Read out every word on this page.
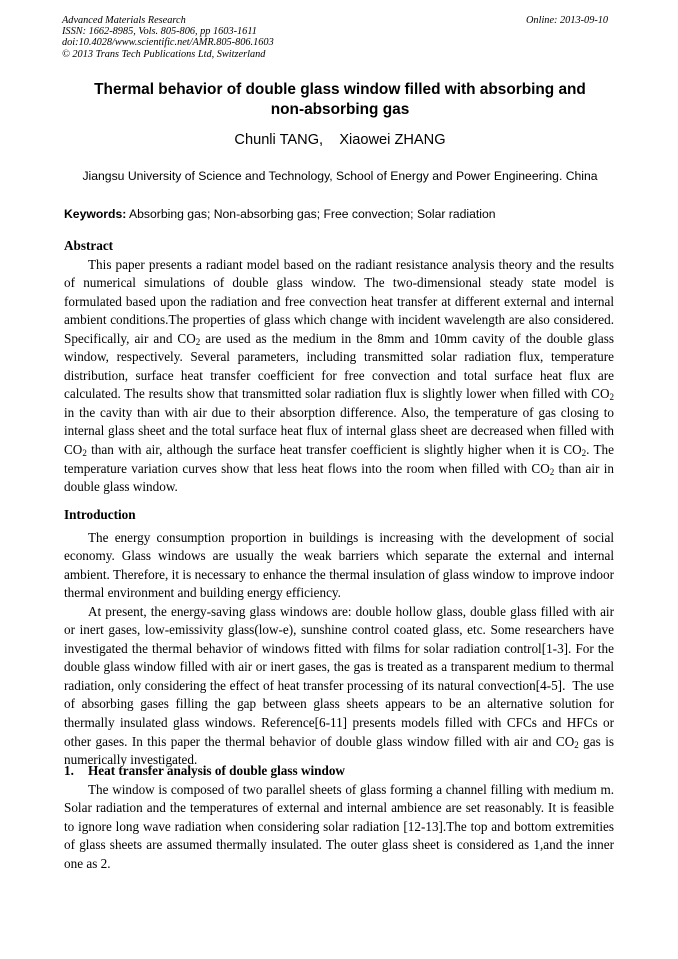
Advanced Materials Research
ISSN: 1662-8985, Vols. 805-806, pp 1603-1611
doi:10.4028/www.scientific.net/AMR.805-806.1603
© 2013 Trans Tech Publications Ltd, Switzerland
Online: 2013-09-10
Thermal behavior of double glass window filled with absorbing and
non-absorbing gas
Chunli TANG,    Xiaowei ZHANG
Jiangsu University of Science and Technology, School of Energy and Power Engineering. China
Keywords: Absorbing gas; Non-absorbing gas; Free convection; Solar radiation
Abstract

This paper presents a radiant model based on the radiant resistance analysis theory and the results of numerical simulations of double glass window. The two-dimensional steady state model is formulated based upon the radiation and free convection heat transfer at different external and internal ambient conditions.The properties of glass which change with incident wavelength are also considered. Specifically, air and $CO_2$ are used as the medium in the 8mm and 10mm cavity of the double glass window, respectively. Several parameters, including transmitted solar radiation flux, temperature distribution, surface heat transfer coefficient for free convection and total surface heat flux are calculated. The results show that transmitted solar radiation flux is slightly lower when filled with $CO_2$ in the cavity than with air due to their absorption difference. Also, the temperature of gas closing to internal glass sheet and the total surface heat flux of internal glass sheet are decreased when filled with $CO_2$ than with air, although the surface heat transfer coefficient is slightly higher when it is $CO_2$. The temperature variation curves show that less heat flows into the room when filled with $CO_2$ than air in double glass window.

Introduction

The energy consumption proportion in buildings is increasing with the development of social economy. Glass windows are usually the weak barriers which separate the external and internal ambient. Therefore, it is necessary to enhance the thermal insulation of glass window to improve indoor thermal environment and building energy efficiency.

At present, the energy-saving glass windows are: double hollow glass, double glass filled with air or inert gases, low-emissivity glass(low-e), sunshine control coated glass, etc. Some researchers have investigated the thermal behavior of windows fitted with films for solar radiation control[1-3]. For the double glass window filled with air or inert gases, the gas is treated as a transparent medium to thermal radiation, only considering the effect of heat transfer processing of its natural convection[4-5].  The use of absorbing gases filling the gap between glass sheets appears to be an alternative solution for thermally insulated glass windows. Reference[6-11] presents models filled with CFCs and HFCs or other gases. In this paper the thermal behavior of double glass window filled with air and $CO_2$ gas is numerically investigated.

1. Heat transfer analysis of double glass window

The window is composed of two parallel sheets of glass forming a channel filling with medium m. Solar radiation and the temperatures of external and internal ambience are set reasonably. It is feasible to ignore long wave radiation when considering solar radiation [12-13].The top and bottom extremities of glass sheets are assumed thermally insulated. The outer glass sheet is considered as 1,and the inner one as 2.
